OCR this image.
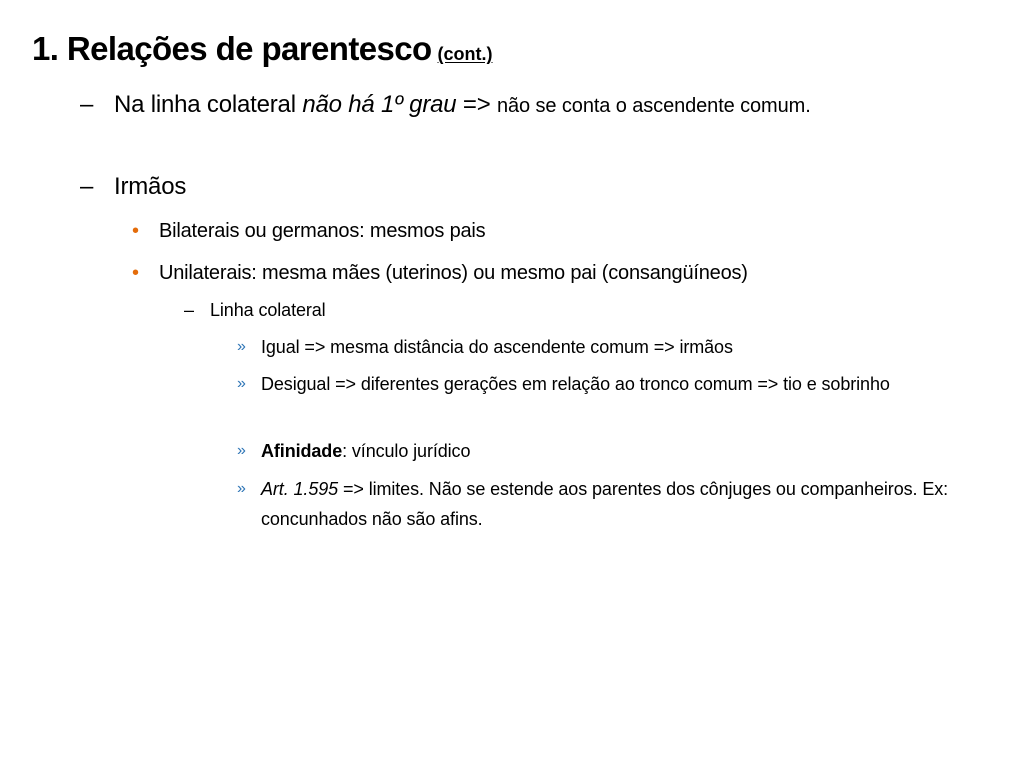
1. Relações de parentesco (cont.)
– Na linha colateral não há 1º grau => não se conta o ascendente comum.
– Irmãos
•	Bilaterais ou germanos: mesmos pais
•	Unilaterais: mesma mães (uterinos) ou mesmo pai (consangüíneos)
– Linha colateral
» Igual => mesma distância do ascendente comum => irmãos
» Desigual => diferentes gerações em relação ao tronco comum => tio e sobrinho
» Afinidade: vínculo jurídico
» Art. 1.595 => limites. Não se estende aos parentes dos cônjuges ou companheiros. Ex: concunhados não são afins.
